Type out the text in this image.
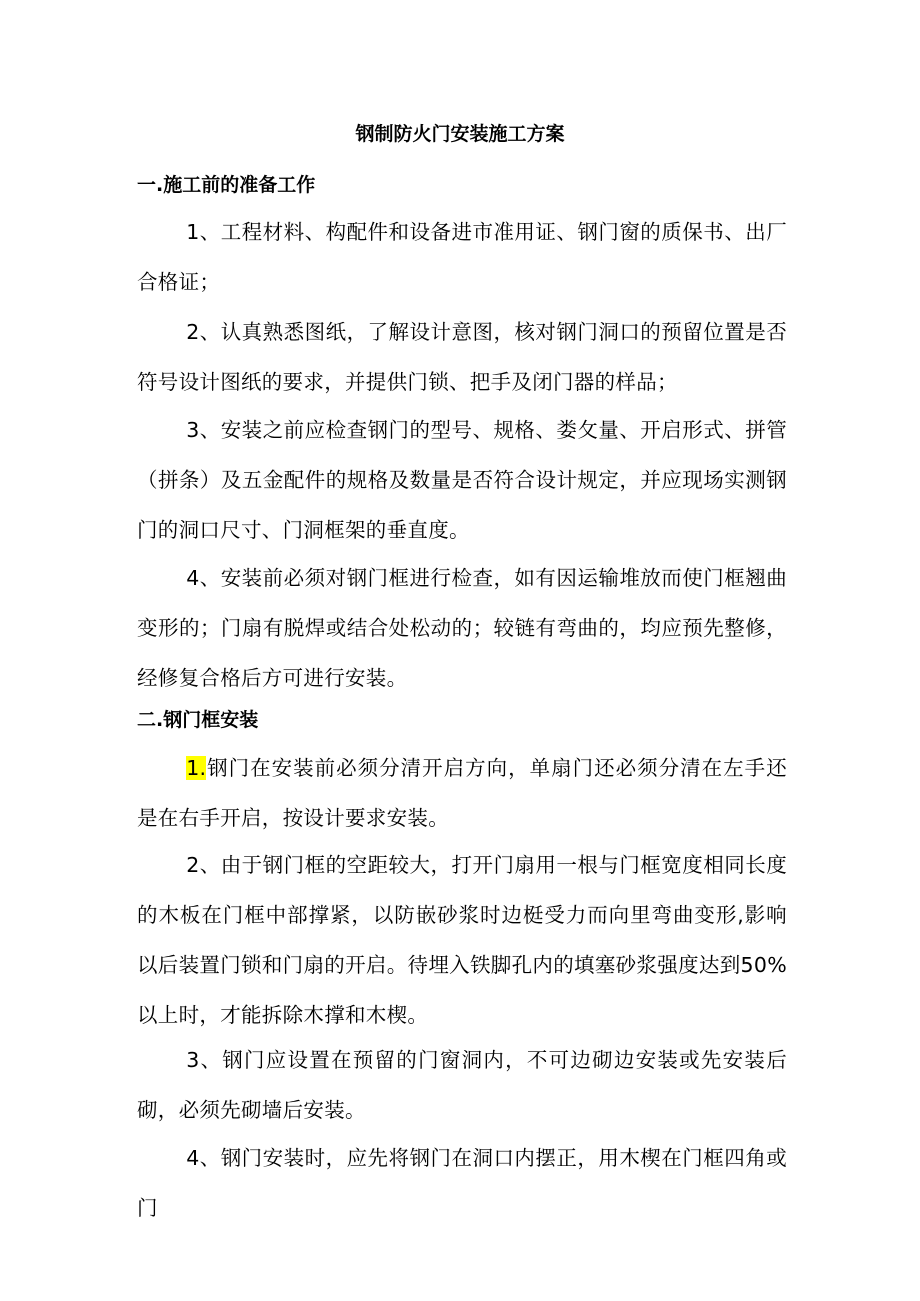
钢制防火门安装施工方案
一.施工前的准备工作

1、工程材料、构配件和设备进市准用证、钢门窗的质保书、出厂合格证；

2、认真熟悉图纸，了解设计意图，核对钢门洞口的预留位置是否符号设计图纸的要求，并提供门锁、把手及闭门器的样品；

3、安装之前应检查钢门的型号、规格、娄攵量、开启形式、拼管（拼条）及五金配件的规格及数量是否符合设计规定，并应现场实测钢门的洞口尺寸、门洞框架的垂直度。

4、安装前必须对钢门框进行检查，如有因运输堆放而使门框翘曲变形的；门扇有脱焊或结合处松动的；较链有弯曲的，均应预先整修，经修复合格后方可进行安装。

二.钢门框安装

1.钢门在安装前必须分清开启方向，单扇门还必须分清在左手还是在右手开启，按设计要求安装。

2、由于钢门框的空距较大，打开门扇用一根与门框宽度相同长度的木板在门框中部撑紧，以防嵌砂浆时边梃受力而向里弯曲变形,影响以后装置门锁和门扇的开启。待埋入铁脚孔内的填塞砂浆强度达到50%以上时，才能拆除木撑和木楔。

3、钢门应设置在预留的门窗洞内，不可边砌边安装或先安装后砌，必须先砌墙后安装。

4、钢门安装时，应先将钢门在洞口内摆正，用木楔在门框四角或门
